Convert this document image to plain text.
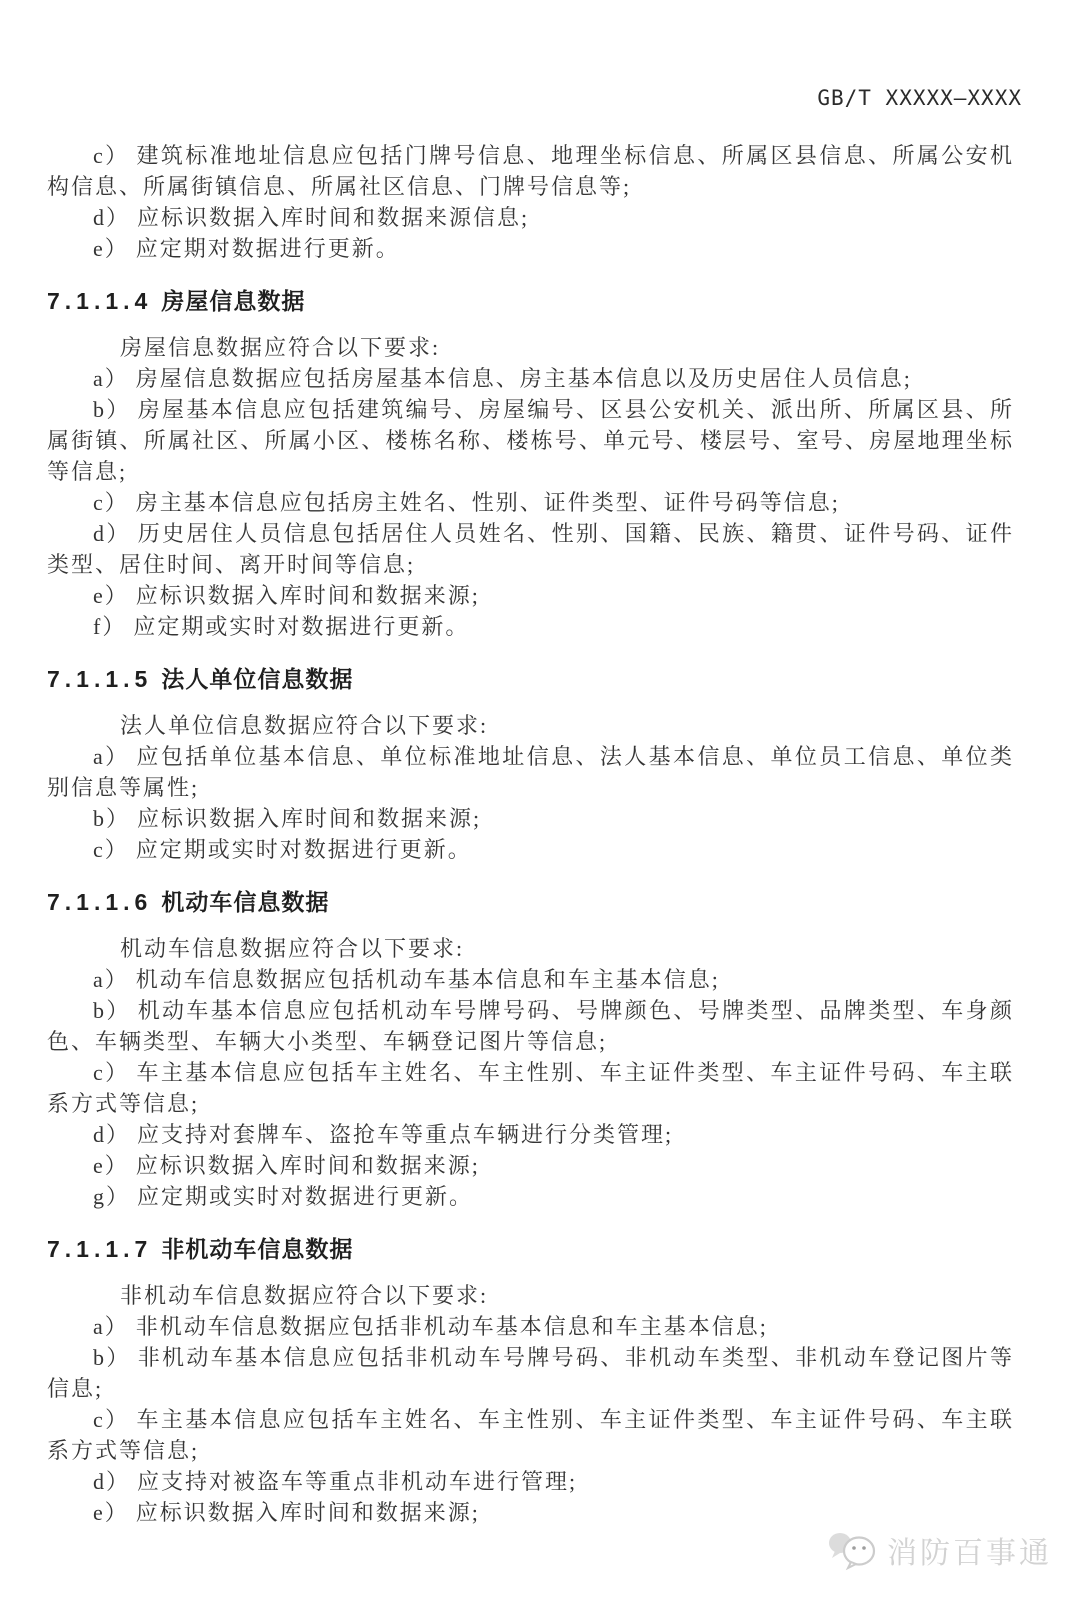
GB/T XXXXX—XXXX

c） 建筑标准地址信息应包括门牌号信息、地理坐标信息、所属区县信息、所属公安机构信息、所属街镇信息、所属社区信息、门牌号信息等;

d） 应标识数据入库时间和数据来源信息;

e） 应定期对数据进行更新。

7.1.1.4 房屋信息数据

房屋信息数据应符合以下要求:

a） 房屋信息数据应包括房屋基本信息、房主基本信息以及历史居住人员信息;

b） 房屋基本信息应包括建筑编号、房屋编号、区县公安机关、派出所、所属区县、所属街镇、所属社区、所属小区、楼栋名称、楼栋号、单元号、楼层号、室号、房屋地理坐标等信息;

c） 房主基本信息应包括房主姓名、性别、证件类型、证件号码等信息;

d） 历史居住人员信息包括居住人员姓名、性别、国籍、民族、籍贯、证件号码、证件类型、居住时间、离开时间等信息;

e） 应标识数据入库时间和数据来源;

f） 应定期或实时对数据进行更新。

7.1.1.5 法人单位信息数据

法人单位信息数据应符合以下要求:

a） 应包括单位基本信息、单位标准地址信息、法人基本信息、单位员工信息、单位类别信息等属性;

b） 应标识数据入库时间和数据来源;

c） 应定期或实时对数据进行更新。

7.1.1.6 机动车信息数据

机动车信息数据应符合以下要求:

a） 机动车信息数据应包括机动车基本信息和车主基本信息;

b） 机动车基本信息应包括机动车号牌号码、号牌颜色、号牌类型、品牌类型、车身颜色、车辆类型、车辆大小类型、车辆登记图片等信息;

c） 车主基本信息应包括车主姓名、车主性别、车主证件类型、车主证件号码、车主联系方式等信息;

d） 应支持对套牌车、盗抢车等重点车辆进行分类管理;

e） 应标识数据入库时间和数据来源;

g） 应定期或实时对数据进行更新。

7.1.1.7 非机动车信息数据

非机动车信息数据应符合以下要求:

a） 非机动车信息数据应包括非机动车基本信息和车主基本信息;

b） 非机动车基本信息应包括非机动车号牌号码、非机动车类型、非机动车登记图片等信息;

c） 车主基本信息应包括车主姓名、车主性别、车主证件类型、车主证件号码、车主联系方式等信息;

d） 应支持对被盗车等重点非机动车进行管理;

e） 应标识数据入库时间和数据来源;

消防百事通
